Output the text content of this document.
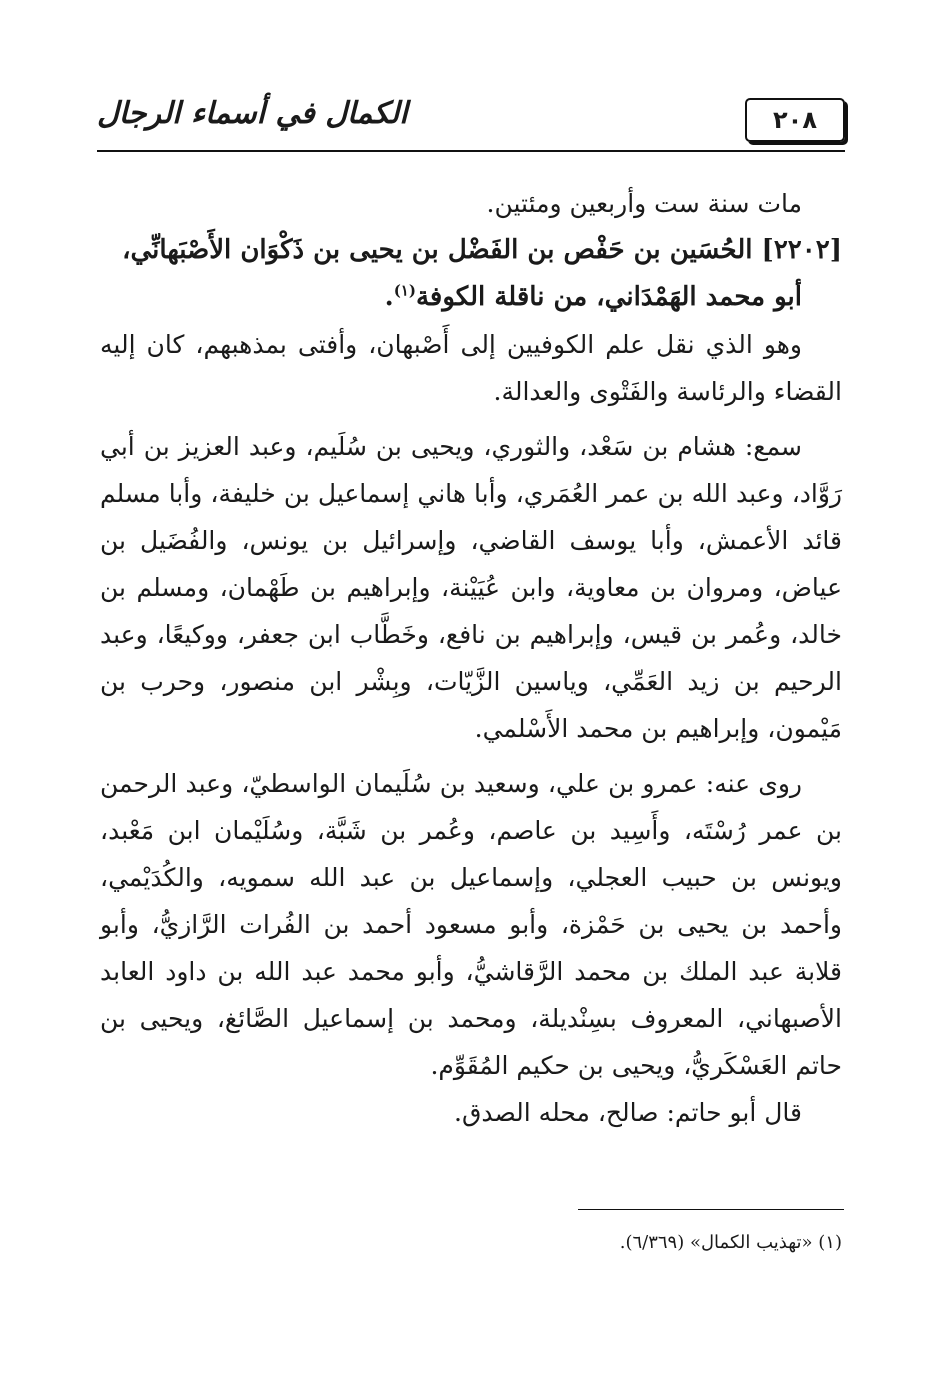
الكمال في أسماء الرجال	٢٠٨

مات سنة ست وأربعين ومئتين.

[٢٢٠٢] الحُسَين بن حَفْص بن الفَضْل بن يحيى بن ذَكْوَان الأَصْبَهانِّي،

أبو محمد الهَمْدَاني، من ناقلة الكوفة$^{(١)}$.

وهو الذي نقل علم الكوفيين إلى أَصْبهان، وأفتى بمذهبهم، كان إليه القضاء والرئاسة والفَتْوى والعدالة.

سمع: هشام بن سَعْد، والثوري، ويحيى بن سُلَيم، وعبد العزيز بن أبي رَوَّاد، وعبد الله بن عمر العُمَري، وأبا هاني إسماعيل بن خليفة، وأبا مسلم قائد الأعمش، وأبا يوسف القاضي، وإسرائيل بن يونس، والفُضَيل بن عياض، ومروان بن معاوية، وابن عُيَيْنة، وإبراهيم بن طَهْمان، ومسلم بن خالد، وعُمر بن قيس، وإبراهيم بن نافع، وخَطَّاب ابن جعفر، ووكيعًا، وعبد الرحيم بن زيد العَمِّي، وياسين الزَّيّات، وبِشْر ابن منصور، وحرب بن مَيْمون، وإبراهيم بن محمد الأَسْلمي.

روى عنه: عمرو بن علي، وسعيد بن سُلَيمان الواسطيّ، وعبد الرحمن بن عمر رُسْتَه، وأَسِيد بن عاصم، وعُمر بن شَبَّة، وسُلَيْمان ابن مَعْبد، ويونس بن حبيب العجلي، وإسماعيل بن عبد الله سمويه، والكُدَيْمي، وأحمد بن يحيى بن حَمْزة، وأبو مسعود أحمد بن الفُرات الرَّازيُّ، وأبو قلابة عبد الملك بن محمد الرَّقاشيُّ، وأبو محمد عبد الله بن داود العابد الأصبهاني، المعروف بسِنْديلة، ومحمد بن إسماعيل الصَّائغ، ويحيى بن حاتم العَسْكَريُّ، ويحيى بن حكيم المُقَوِّم.

قال أبو حاتم: صالح، محله الصدق.

(١) «تهذيب الكمال» (٦/٣٦٩).
